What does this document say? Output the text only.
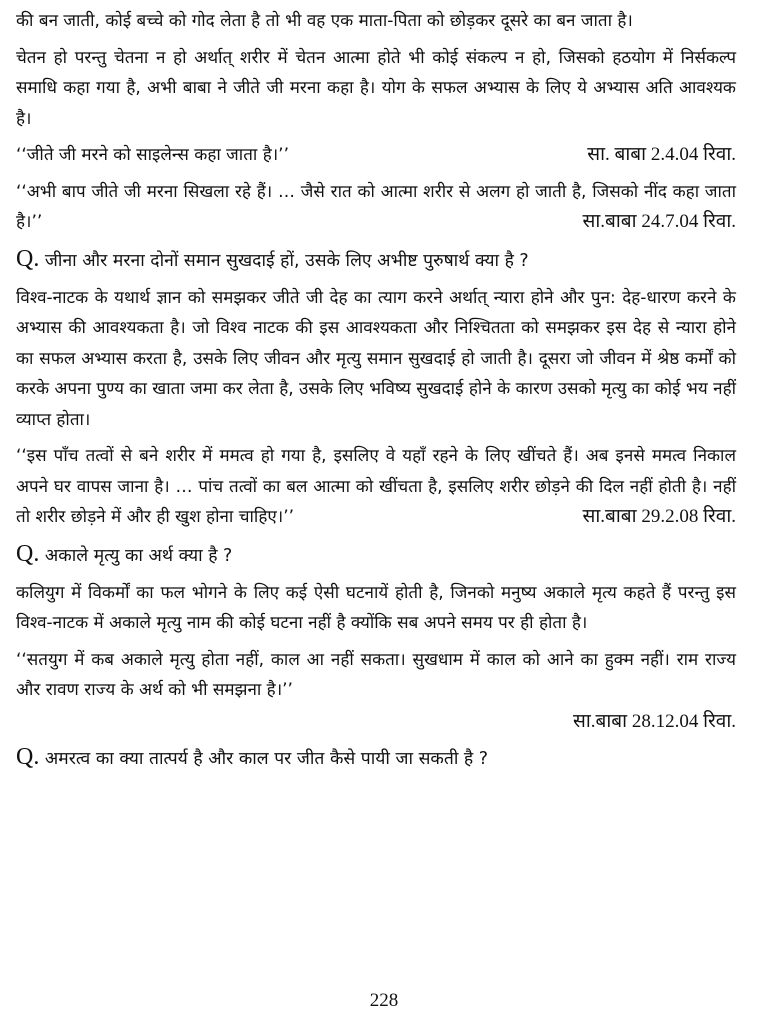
की बन जाती, कोई बच्चे को गोद लेता है तो भी वह एक माता-पिता को छोड़कर दूसरे का बन जाता है।

चेतन हो परन्तु चेतना न हो अर्थात् शरीर में चेतन आत्मा होते भी कोई संकल्प न हो, जिसको हठयोग में निर्सकल्प समाधि कहा गया है, अभी बाबा ने जीते जी मरना कहा है। योग के सफल अभ्यास के लिए ये अभ्यास अति आवश्यक है।

‘‘जीते जी मरने को साइलेन्स कहा जाता है।’’	सा. बाबा 2.4.04 रिवा.
‘‘अभी बाप जीते जी मरना सिखला रहे हैं। … जैसे रात को आत्मा शरीर से अलग हो जाती है, जिसको नींद कहा जाता है।’’	सा.बाबा 24.7.04 रिवा.
Q. जीना और मरना दोनों समान सुखदाई हों, उसके लिए अभीष्ट पुरुषार्थ क्या है ?

विश्व-नाटक के यथार्थ ज्ञान को समझकर जीते जी देह का त्याग करने अर्थात् न्यारा होने और पुन: देह-धारण करने के अभ्यास की आवश्यकता है। जो विश्व नाटक की इस आवश्यकता और निश्चितता को समझकर इस देह से न्यारा होने का सफल अभ्यास करता है, उसके लिए जीवन और मृत्यु समान सुखदाई हो जाती है। दूसरा जो जीवन में श्रेष्ठ कर्मों को करके अपना पुण्य का खाता जमा कर लेता है, उसके लिए भविष्य सुखदाई होने के कारण उसको मृत्यु का कोई भय नहीं व्याप्त होता।

‘‘इस पाँच तत्वों से बने शरीर में ममत्व हो गया है, इसलिए वे यहाँ रहने के लिए खींचते हैं। अब इनसे ममत्व निकाल अपने घर वापस जाना है। … पांच तत्वों का बल आत्मा को खींचता है, इसलिए शरीर छोड़ने की दिल नहीं होती है। नहीं तो शरीर छोड़ने में और ही खुश होना चाहिए।’’	सा.बाबा 29.2.08 रिवा.
Q. अकाले मृत्यु का अर्थ क्या है ?

कलियुग में विकर्मों का फल भोगने के लिए कई ऐसी घटनायें होती है, जिनको मनुष्य अकाले मृत्य कहते हैं परन्तु इस विश्व-नाटक में अकाले मृत्यु नाम की कोई घटना नहीं है क्योंकि सब अपने समय पर ही होता है।

‘‘सतयुग में कब अकाले मृत्यु होता नहीं, काल आ नहीं सकता। सुखधाम में काल को आने का हुक्म नहीं। राम राज्य और रावण राज्य के अर्थ को भी समझना है।’’

सा.बाबा 28.12.04 रिवा.
Q. अमरत्व का क्या तात्पर्य है और काल पर जीत कैसे पायी जा सकती है ?
228
